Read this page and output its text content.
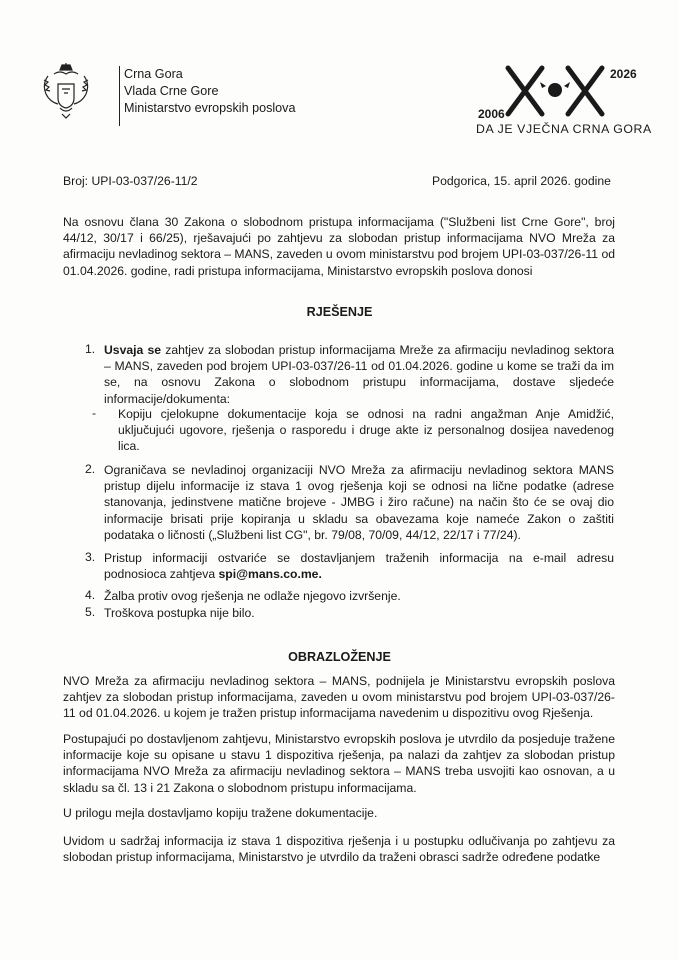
Crna Gora
Vlada Crne Gore
Ministarstvo evropskih poslova	2006
2026
DA JE VJEČNA CRNA GORA
Broj: UPI-03-037/26-11/2	Podgorica, 15. april 2026. godine
Na osnovu člana 30 Zakona o slobodnom pristupa informacijama ("Službeni list Crne Gore", broj 44/12, 30/17 i 66/25), rješavajući po zahtjevu za slobodan pristup informacijama NVO Mreža za afirmaciju nevladinog sektora – MANS, zaveden u ovom ministarstvu pod brojem UPI-03-037/26-11 od 01.04.2026. godine, radi pristupa informacijama, Ministarstvo evropskih poslova donosi
RJEŠENJE
1. Usvaja se zahtjev za slobodan pristup informacijama Mreže za afirmaciju nevladinog sektora – MANS, zaveden pod brojem UPI-03-037/26-11 od 01.04.2026. godine u kome se traži da im se, na osnovu Zakona o slobodnom pristupu informacijama, dostave sljedeće informacije/dokumenta:
- Kopiju cjelokupne dokumentacije koja se odnosi na radni angažman Anje Amidžić, uključujući ugovore, rješenja o rasporedu i druge akte iz personalnog dosijea navedenog lica.
2. Ograničava se nevladinoj organizaciji NVO Mreža za afirmaciju nevladinog sektora MANS pristup dijelu informacije iz stava 1 ovog rješenja koji se odnosi na lične podatke (adrese stanovanja, jedinstvene matične brojeve - JMBG i žiro račune) na način što će se ovaj dio informacije brisati prije kopiranja u skladu sa obavezama koje nameće Zakon o zaštiti podataka o ličnosti („Službeni list CG", br. 79/08, 70/09, 44/12, 22/17 i 77/24).
3. Pristup informaciji ostvariće se dostavljanjem traženih informacija na e-mail adresu podnosioca zahtjeva spi@mans.co.me.
4. Žalba protiv ovog rješenja ne odlaže njegovo izvršenje.
5. Troškova postupka nije bilo.
OBRAZLOŽENJE
NVO Mreža za afirmaciju nevladinog sektora – MANS, podnijela je Ministarstvu evropskih poslova zahtjev za slobodan pristup informacijama, zaveden u ovom ministarstvu pod brojem UPI-03-037/26-11 od 01.04.2026. u kojem je tražen pristup informacijama navedenim u dispozitivu ovog Rješenja.
Postupajući po dostavljenom zahtjevu, Ministarstvo evropskih poslova je utvrdilo da posjeduje tražene informacije koje su opisane u stavu 1 dispozitiva rješenja, pa nalazi da zahtjev za slobodan pristup informacijama NVO Mreža za afirmaciju nevladinog sektora – MANS treba usvojiti kao osnovan, a u skladu sa čl. 13 i 21 Zakona o slobodnom pristupu informacijama.
U prilogu mejla dostavljamo kopiju tražene dokumentacije.
Uvidom u sadržaj informacija iz stava 1 dispozitiva rješenja i u postupku odlučivanja po zahtjevu za slobodan pristup informacijama, Ministarstvo je utvrdilo da traženi obrasci sadrže određene podatke
